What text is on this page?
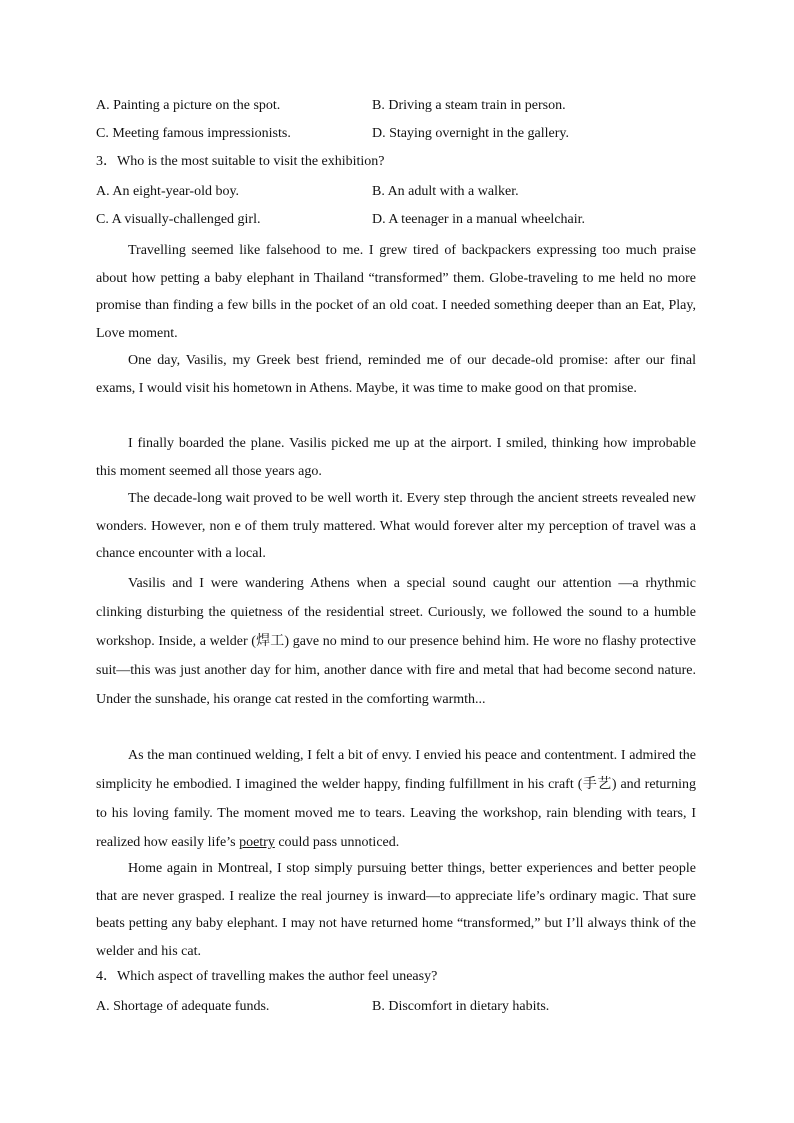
A. Painting a picture on the spot.	B. Driving a steam train in person.
C. Meeting famous impressionists.	D. Staying overnight in the gallery.
3．Who is the most suitable to visit the exhibition?
A. An eight-year-old boy.	B. An adult with a walker.
C. A visually-challenged girl.	D. A teenager in a manual wheelchair.

Travelling seemed like falsehood to me. I grew tired of backpackers expressing too much praise about how petting a baby elephant in Thailand “transformed” them. Globe-traveling to me held no more promise than finding a few bills in the pocket of an old coat. I needed something deeper than an Eat, Play, Love moment.

One day, Vasilis, my Greek best friend, reminded me of our decade-old promise: after our final exams, I would visit his hometown in Athens. Maybe, it was time to make good on that promise.

I finally boarded the plane. Vasilis picked me up at the airport. I smiled, thinking how improbable this moment seemed all those years ago.

The decade-long wait proved to be well worth it. Every step through the ancient streets revealed new wonders. However, non e of them truly mattered. What would forever alter my perception of travel was a chance encounter with a local.

Vasilis and I were wandering Athens when a special sound caught our attention —a rhythmic clinking disturbing the quietness of the residential street. Curiously, we followed the sound to a humble workshop. Inside, a welder (焊工) gave no mind to our presence behind him. He wore no flashy protective suit—this was just another day for him, another dance with fire and metal that had become second nature. Under the sunshade, his orange cat rested in the comforting warmth...

As the man continued welding, I felt a bit of envy. I envied his peace and contentment. I admired the simplicity he embodied. I imagined the welder happy, finding fulfillment in his craft (手艺) and returning to his loving family. The moment moved me to tears. Leaving the workshop, rain blending with tears, I realized how easily life’s poetry could pass unnoticed.

Home again in Montreal, I stop simply pursuing better things, better experiences and better people that are never grasped. I realize the real journey is inward—to appreciate life’s ordinary magic. That sure beats petting any baby elephant. I may not have returned home “transformed,” but I’ll always think of the welder and his cat.

4．Which aspect of travelling makes the author feel uneasy?
A. Shortage of adequate funds.	B. Discomfort in dietary habits.
